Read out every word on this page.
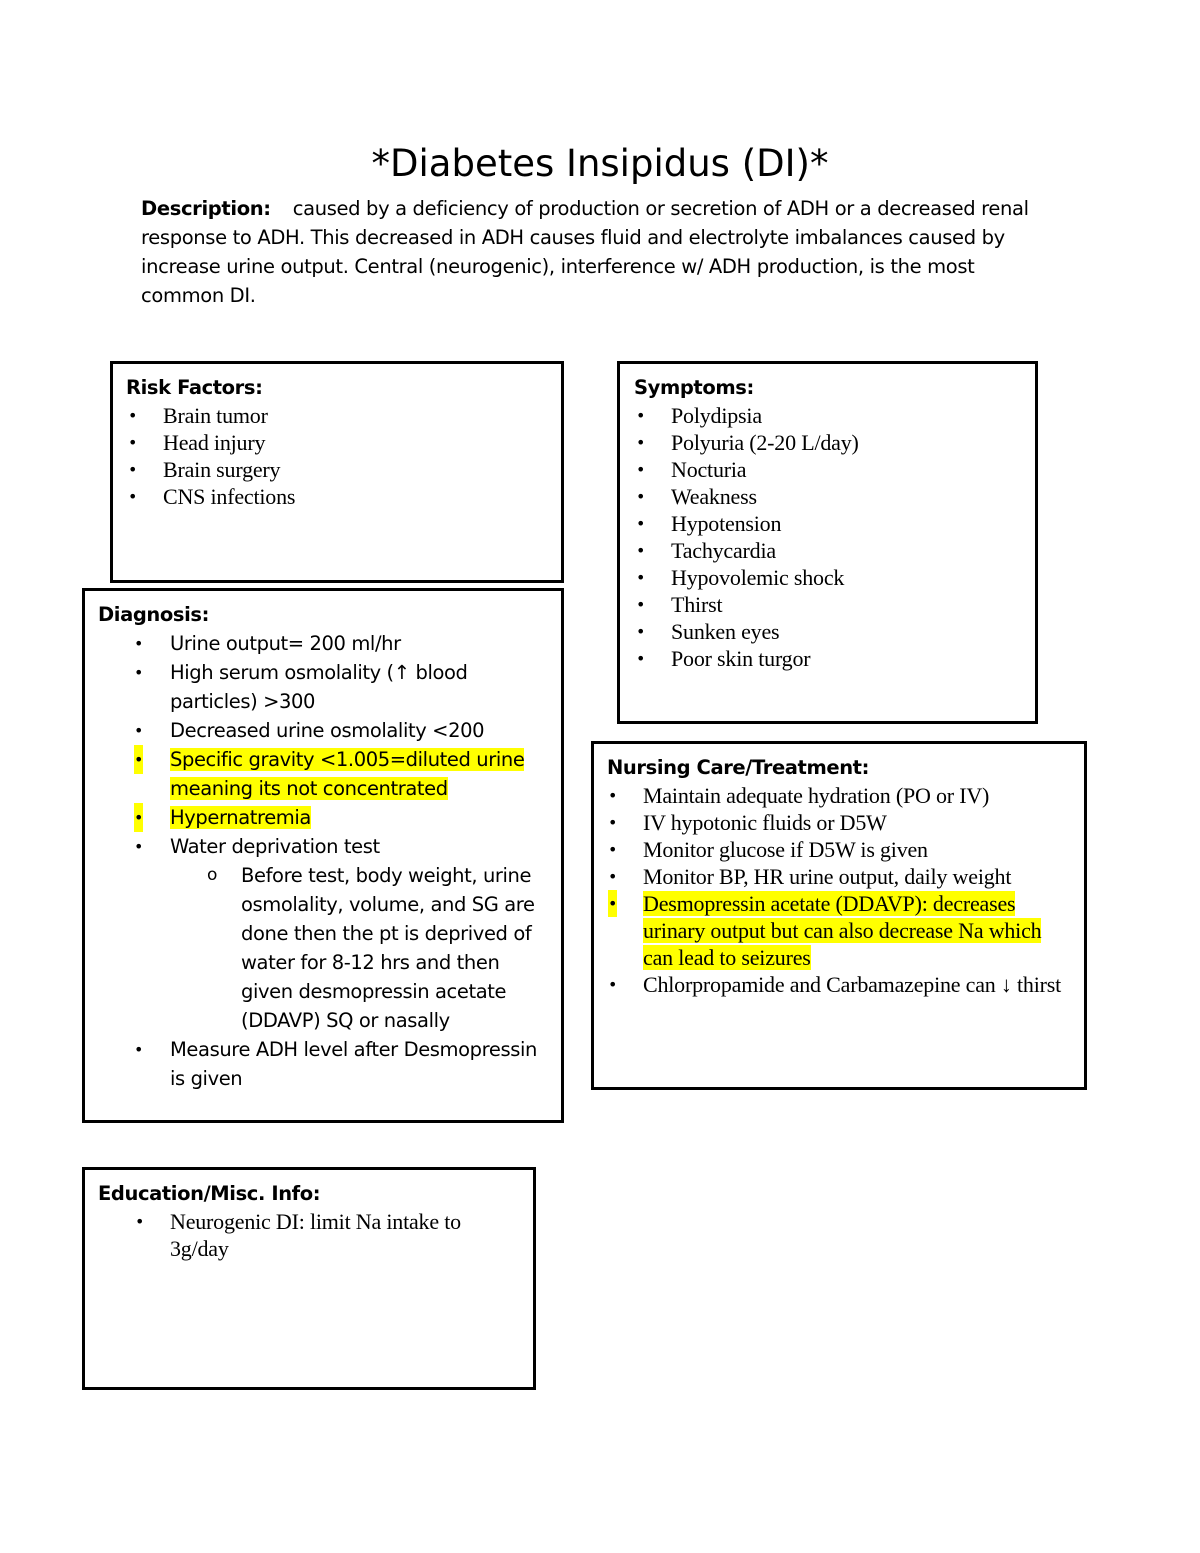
*Diabetes Insipidus (DI)*
Description: caused by a deficiency of production or secretion of ADH or a decreased renal response to ADH. This decreased in ADH causes fluid and electrolyte imbalances caused by increase urine output. Central (neurogenic), interference w/ ADH production, is the most common DI.
Risk Factors:
• Brain tumor
• Head injury
• Brain surgery
• CNS infections
Symptoms:
• Polydipsia
• Polyuria (2-20 L/day)
• Nocturia
• Weakness
• Hypotension
• Tachycardia
• Hypovolemic shock
• Thirst
• Sunken eyes
• Poor skin turgor
Diagnosis:
• Urine output= 200 ml/hr
• High serum osmolality (↑ blood particles) >300
• Decreased urine osmolality <200
• Specific gravity <1.005=diluted urine meaning its not concentrated
• Hypernatremia
• Water deprivation test
o Before test, body weight, urine osmolality, volume, and SG are done then the pt is deprived of water for 8-12 hrs and then given desmopressin acetate (DDAVP) SQ or nasally
• Measure ADH level after Desmopressin is given
Nursing Care/Treatment:
• Maintain adequate hydration (PO or IV)
• IV hypotonic fluids or D5W
• Monitor glucose if D5W is given
• Monitor BP, HR urine output, daily weight
• Desmopressin acetate (DDAVP): decreases urinary output but can also decrease Na which can lead to seizures
• Chlorpropamide and Carbamazepine can ↓ thirst
Education/Misc. Info:
• Neurogenic DI: limit Na intake to 3g/day
